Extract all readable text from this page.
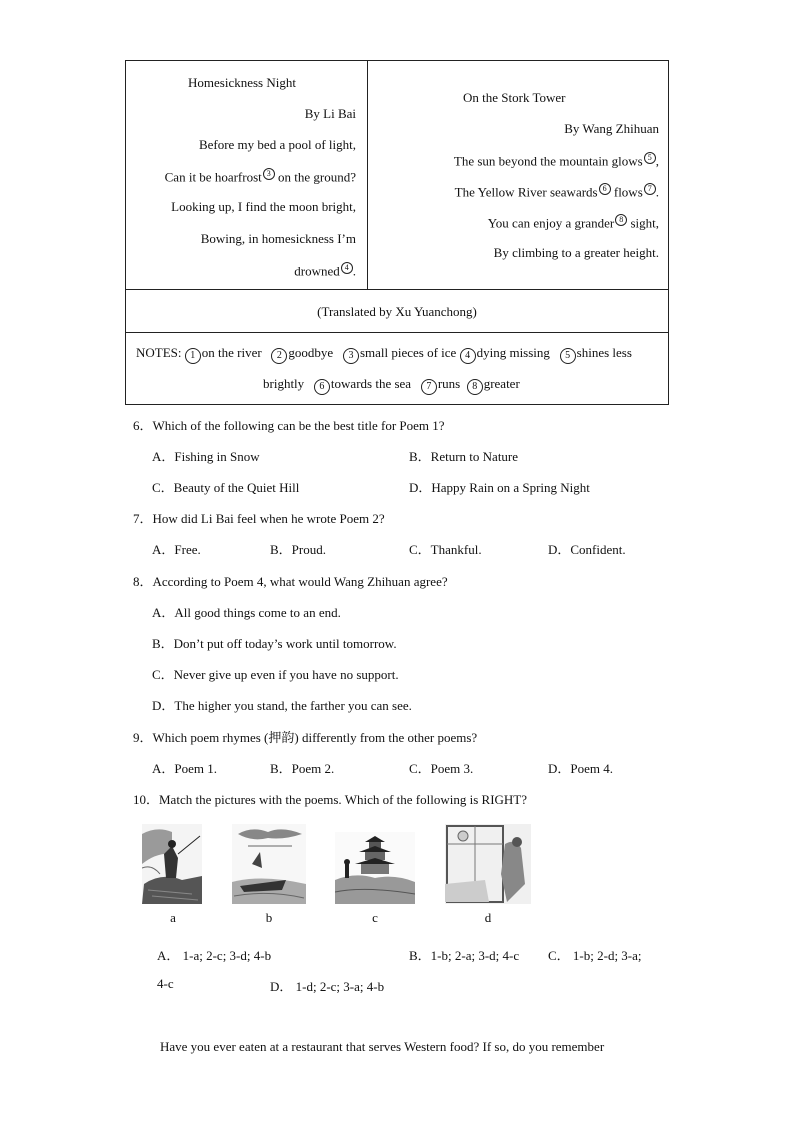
Homesickness Night
By Li Bai
Before my bed a pool of light,
Can it be hoarfrost $^3$ on the ground?
Looking up, I find the moon bright,
Bowing, in homesickness I’m
drowned $^4$ .
On the Stork Tower
By Wang Zhihuan
The sun beyond the mountain glows $^5$ ,
The Yellow River seawards $^6$ flows $^7$ .
You can enjoy a grander $^8$ sight,
By climbing to a greater height.
(Translated by Xu Yuanchong)
NOTES: 1 on the river 2 goodbye 3 small pieces of ice 4 dying missing 5 shines less
brightly 6 towards the sea 7 runs 8 greater
6．Which of the following can be the best title for Poem 1?
A．Fishing in Snow	B．Return to Nature
C．Beauty of the Quiet Hill	D．Happy Rain on a Spring Night
7．How did Li Bai feel when he wrote Poem 2?
A．Free.	B．Proud.	C．Thankful.	D．Confident.
8．According to Poem 4, what would Wang Zhihuan agree?
A．All good things come to an end.
B．Don’t put off today’s work until tomorrow.
C．Never give up even if you have no support.
D．The higher you stand, the farther you can see.
9．Which poem rhymes (押韵) differently from the other poems?
A．Poem 1.	B．Poem 2.	C．Poem 3.	D．Poem 4.
10．Match the pictures with the poems. Which of the following is RIGHT?
a	b	c	d
A． 1-a; 2-c; 3-d; 4-b	B．1-b; 2-a; 3-d; 4-c C． 1-b; 2-d; 3-a;
4-c	D． 1-d; 2-c; 3-a; 4-b
Have you ever eaten at a restaurant that serves Western food? If so, do you remember
